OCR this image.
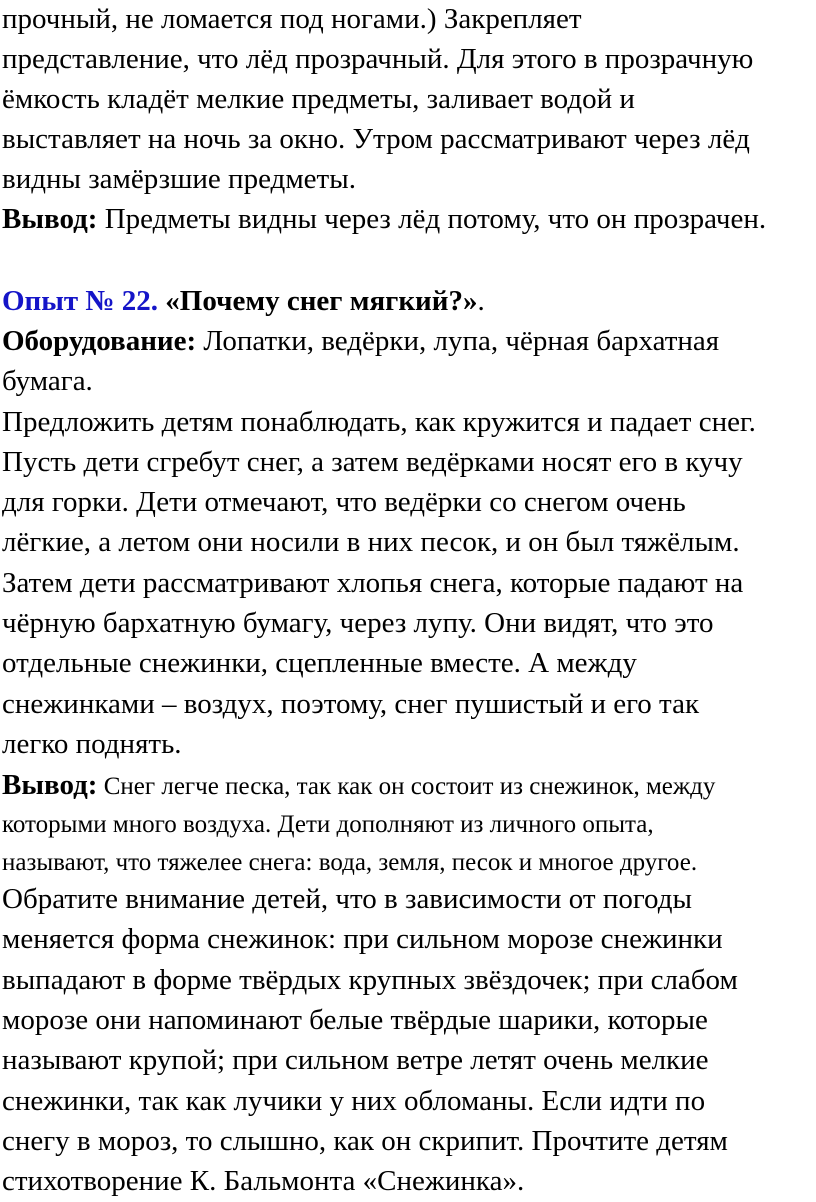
прочный, не ломается под ногами.) Закрепляет
представление, что лёд прозрачный. Для этого в прозрачную
ёмкость кладёт мелкие предметы, заливает водой и
выставляет на ночь за окно. Утром рассматривают через лёд
видны замёрзшие предметы.
Вывод: Предметы видны через лёд потому, что он прозрачен.
Опыт № 22. «Почему снег мягкий?».
Оборудование: Лопатки, ведёрки, лупа, чёрная бархатная
бумага.
Предложить детям понаблюдать, как кружится и падает снег.
Пусть дети сгребут снег, а затем ведёрками носят его в кучу
для горки. Дети отмечают, что ведёрки со снегом очень
лёгкие, а летом они носили в них песок, и он был тяжёлым.
Затем дети рассматривают хлопья снега, которые падают на
чёрную бархатную бумагу, через лупу. Они видят, что это
отдельные снежинки, сцепленные вместе. А между
снежинками – воздух, поэтому, снег пушистый и его так
легко поднять.
Вывод: Снег легче песка, так как он состоит из снежинок, между
которыми много воздуха. Дети дополняют из личного опыта,
называют, что тяжелее снега: вода, земля, песок и многое другое.
Обратите внимание детей, что в зависимости от погоды
меняется форма снежинок: при сильном морозе снежинки
выпадают в форме твёрдых крупных звёздочек; при слабом
морозе они напоминают белые твёрдые шарики, которые
называют крупой; при сильном ветре летят очень мелкие
снежинки, так как лучики у них обломаны. Если идти по
снегу в мороз, то слышно, как он скрипит. Прочтите детям
стихотворение К. Бальмонта «Снежинка».
